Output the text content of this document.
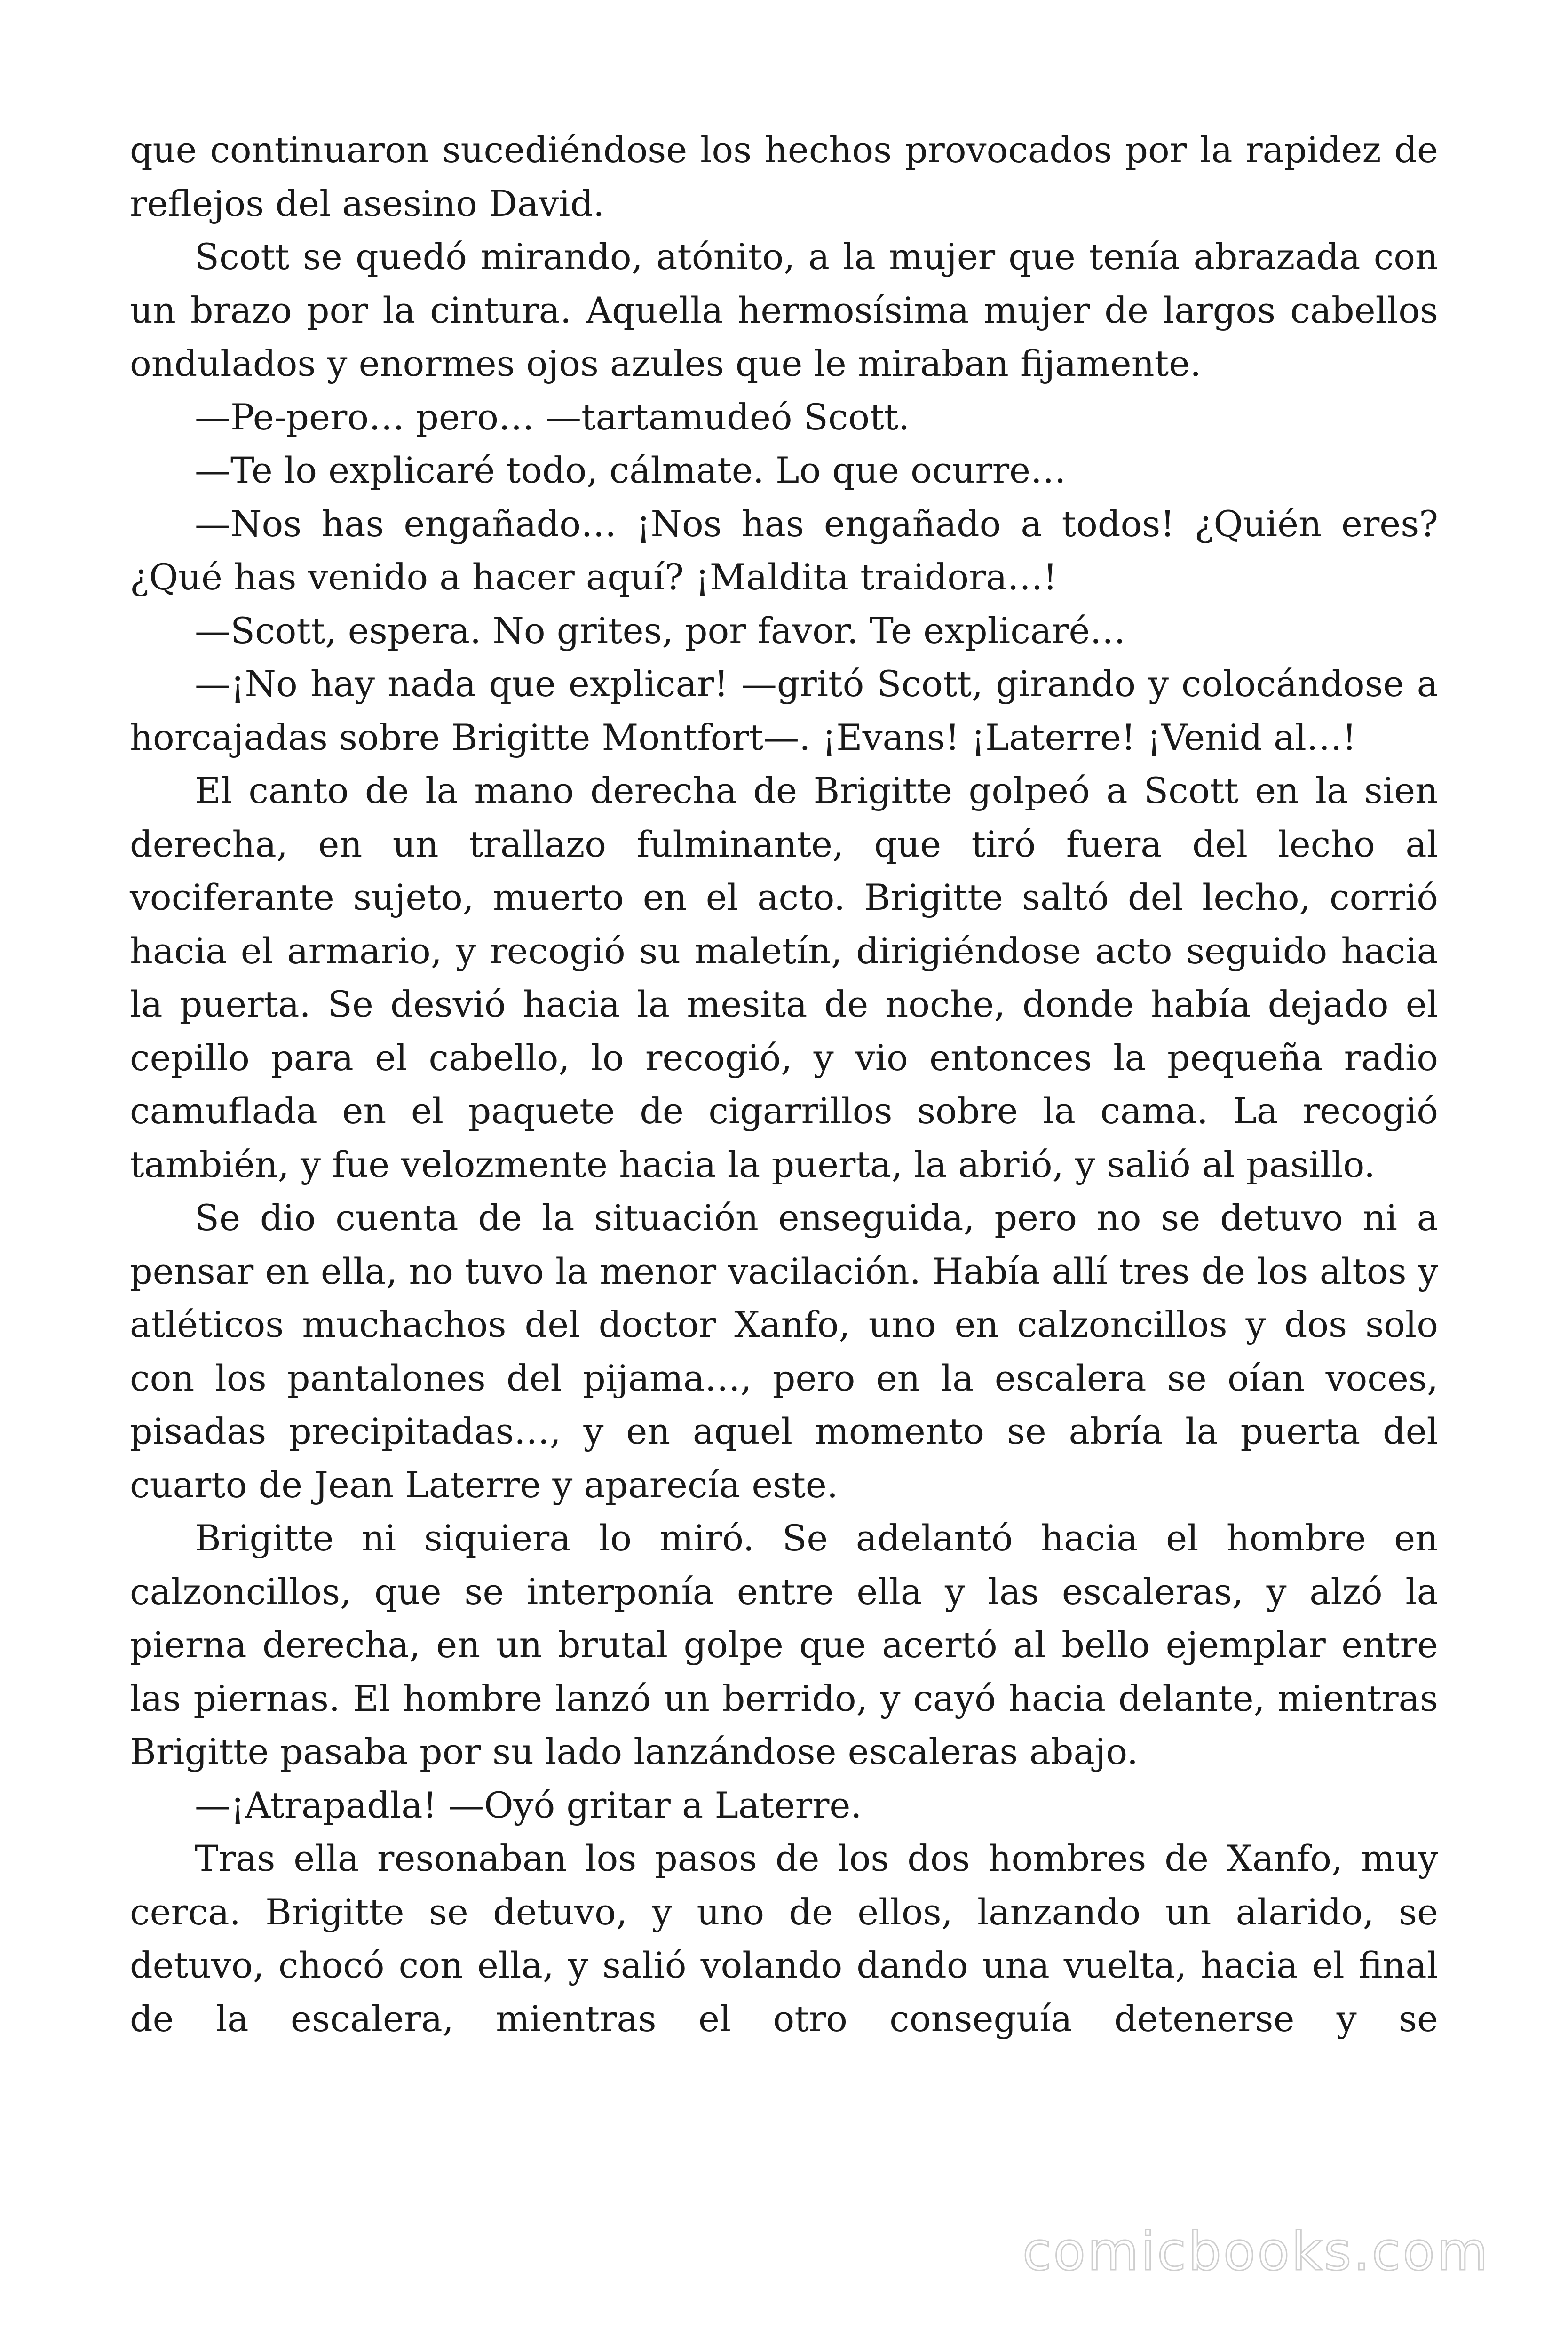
que continuaron sucediéndose los hechos provocados por la rapidez de reflejos del asesino David.

Scott se quedó mirando, atónito, a la mujer que tenía abrazada con un brazo por la cintura. Aquella hermosísima mujer de largos cabellos ondulados y enormes ojos azules que le miraban fijamente.

—Pe-pero… pero… —tartamudeó Scott.

—Te lo explicaré todo, cálmate. Lo que ocurre…

—Nos has engañado… ¡Nos has engañado a todos! ¿Quién eres? ¿Qué has venido a hacer aquí? ¡Maldita traidora…!

—Scott, espera. No grites, por favor. Te explicaré…

—¡No hay nada que explicar! —gritó Scott, girando y colocándose a horcajadas sobre Brigitte Montfort—. ¡Evans! ¡Laterre! ¡Venid al…!

El canto de la mano derecha de Brigitte golpeó a Scott en la sien derecha, en un trallazo fulminante, que tiró fuera del lecho al vociferante sujeto, muerto en el acto. Brigitte saltó del lecho, corrió hacia el armario, y recogió su maletín, dirigiéndose acto seguido hacia la puerta. Se desvió hacia la mesita de noche, donde había dejado el cepillo para el cabello, lo recogió, y vio entonces la pequeña radio camuflada en el paquete de cigarrillos sobre la cama. La recogió también, y fue velozmente hacia la puerta, la abrió, y salió al pasillo.

Se dio cuenta de la situación enseguida, pero no se detuvo ni a pensar en ella, no tuvo la menor vacilación. Había allí tres de los altos y atléticos muchachos del doctor Xanfo, uno en calzoncillos y dos solo con los pantalones del pijama…, pero en la escalera se oían voces, pisadas precipitadas…, y en aquel momento se abría la puerta del cuarto de Jean Laterre y aparecía este.

Brigitte ni siquiera lo miró. Se adelantó hacia el hombre en calzoncillos, que se interponía entre ella y las escaleras, y alzó la pierna derecha, en un brutal golpe que acertó al bello ejemplar entre las piernas. El hombre lanzó un berrido, y cayó hacia delante, mientras Brigitte pasaba por su lado lanzándose escaleras abajo.

—¡Atrapadla! —Oyó gritar a Laterre.

Tras ella resonaban los pasos de los dos hombres de Xanfo, muy cerca. Brigitte se detuvo, y uno de ellos, lanzando un alarido, se detuvo, chocó con ella, y salió volando dando una vuelta, hacia el final de la escalera, mientras el otro conseguía detenerse y se

comicbooks.com
